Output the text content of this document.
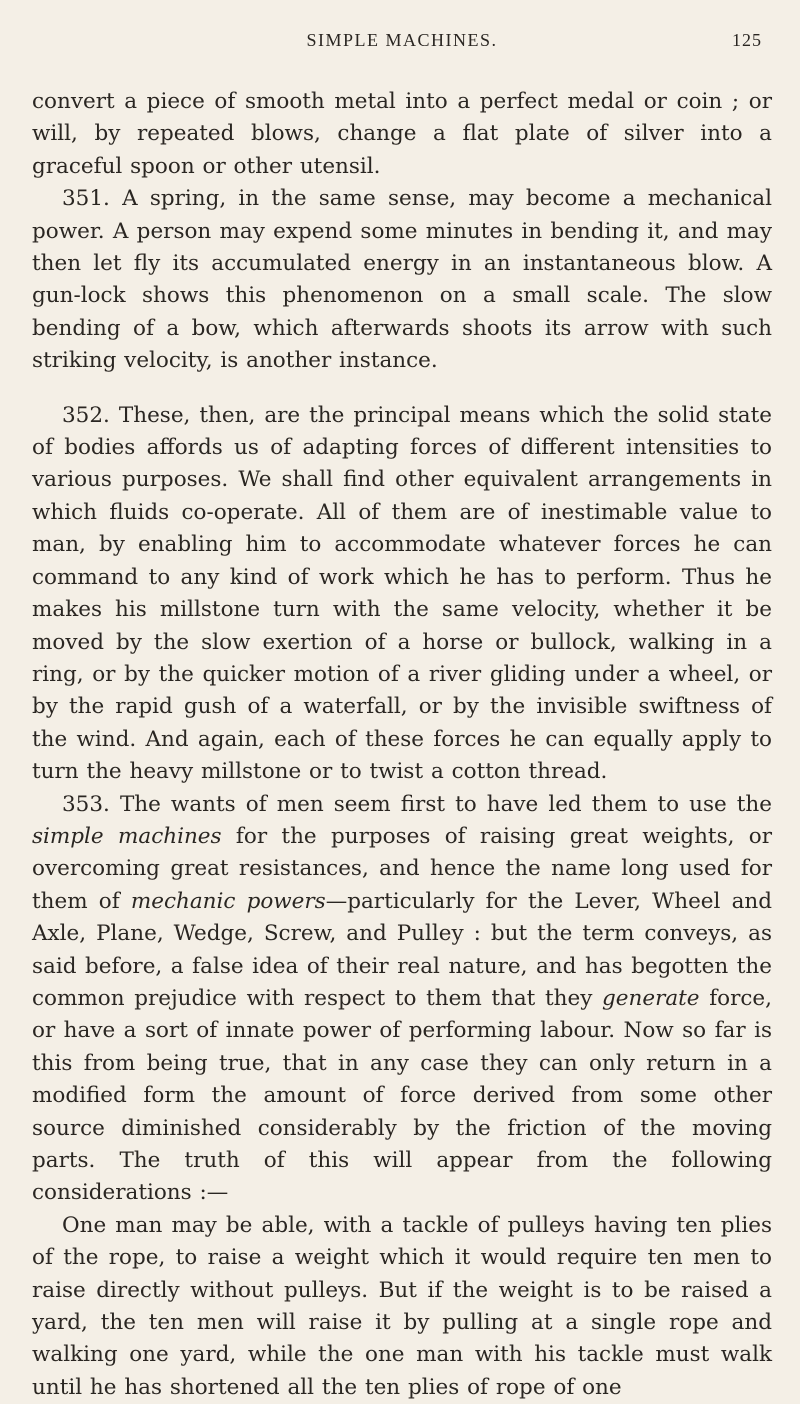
SIMPLE MACHINES.	125

convert a piece of smooth metal into a perfect medal or coin ; or will, by repeated blows, change a flat plate of silver into a graceful spoon or other utensil.

351. A spring, in the same sense, may become a mechanical power. A person may expend some minutes in bending it, and may then let fly its accumulated energy in an instantaneous blow. A gun-lock shows this phenomenon on a small scale. The slow bending of a bow, which afterwards shoots its arrow with such striking velocity, is another instance.

352. These, then, are the principal means which the solid state of bodies affords us of adapting forces of different intensities to various purposes. We shall find other equivalent arrangements in which fluids co-operate. All of them are of inestimable value to man, by enabling him to accommodate whatever forces he can command to any kind of work which he has to perform. Thus he makes his millstone turn with the same velocity, whether it be moved by the slow exertion of a horse or bullock, walking in a ring, or by the quicker motion of a river gliding under a wheel, or by the rapid gush of a waterfall, or by the invisible swiftness of the wind. And again, each of these forces he can equally apply to turn the heavy millstone or to twist a cotton thread.

353. The wants of men seem first to have led them to use the simple machines for the purposes of raising great weights, or overcoming great resistances, and hence the name long used for them of mechanic powers—particularly for the Lever, Wheel and Axle, Plane, Wedge, Screw, and Pulley : but the term conveys, as said before, a false idea of their real nature, and has begotten the common prejudice with respect to them that they generate force, or have a sort of innate power of performing labour. Now so far is this from being true, that in any case they can only return in a modified form the amount of force derived from some other source diminished considerably by the friction of the moving parts. The truth of this will appear from the following considerations :—

One man may be able, with a tackle of pulleys having ten plies of the rope, to raise a weight which it would require ten men to raise directly without pulleys. But if the weight is to be raised a yard, the ten men will raise it by pulling at a single rope and walking one yard, while the one man with his tackle must walk until he has shortened all the ten plies of rope of one
